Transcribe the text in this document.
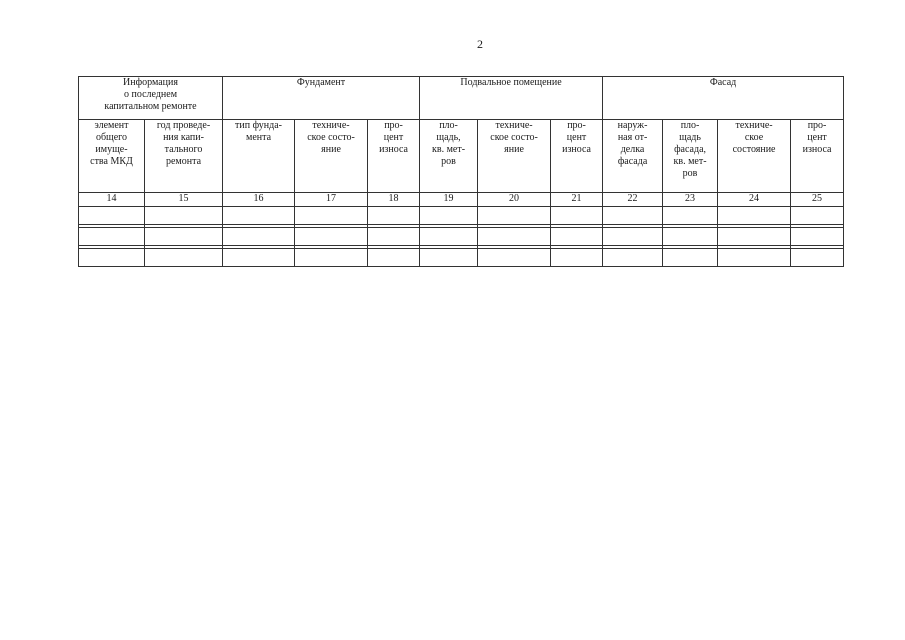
2
Информация
о последнем
капитальном ремонте		Фундамент			Подвальное помещение			Фасад			

элемент
общего
имуще-
ства МКД	год проведе-
ния капи-
тального
ремонта	тип фунда-
мента	техниче-
ское состо-
яние	про-
цент
износа	пло-
щадь,
кв. мет-
ров	техниче-
ское состо-
яние	про-
цент
износа	наруж-
ная от-
делка
фасада	пло-
щадь
фасада,
кв. мет-
ров	техниче-
ское
состояние	про-
цент
износа

14	15	16	17	18	19	20	21	22	23	24	25
